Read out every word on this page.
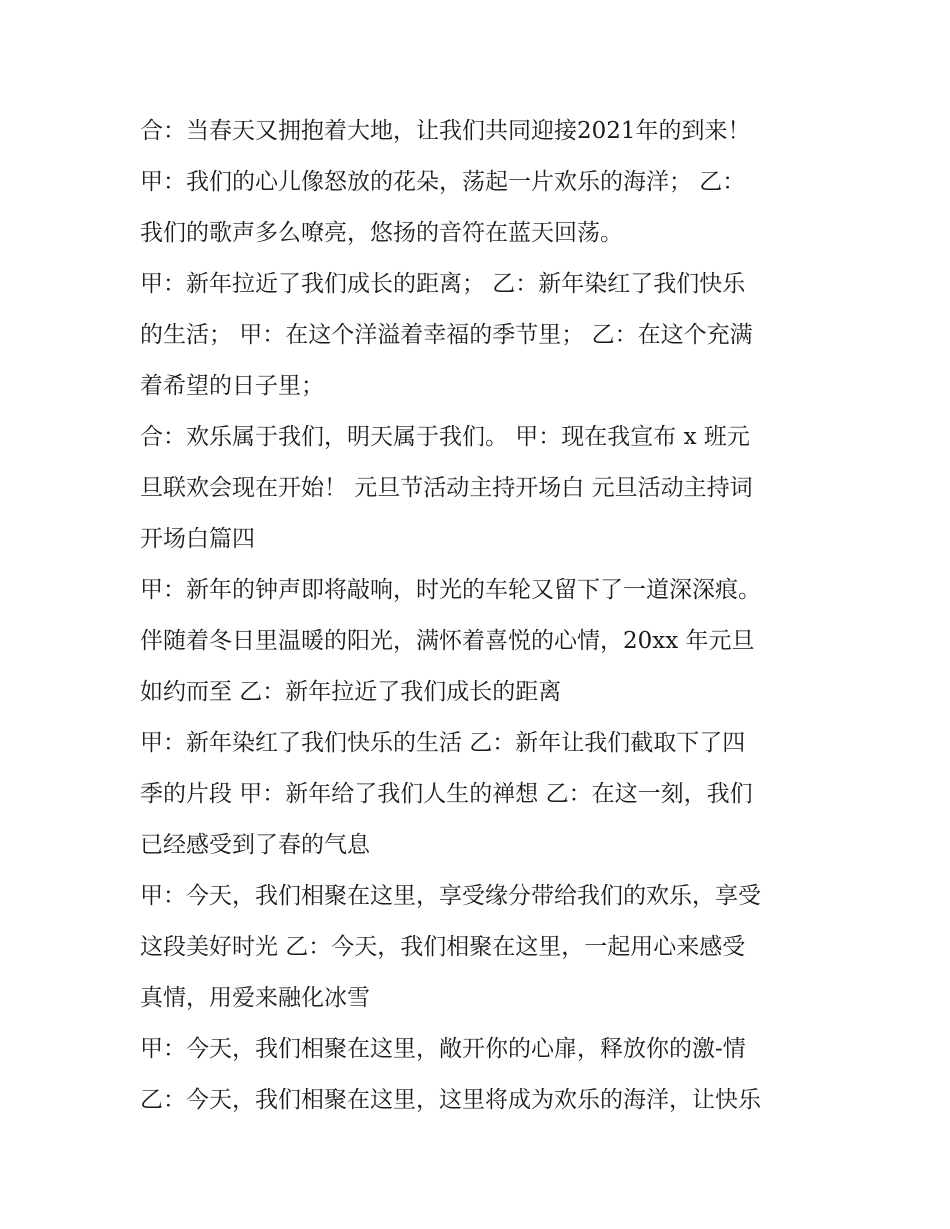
合：当春天又拥抱着大地，让我们共同迎接2021年的到来！
甲：我们的心儿像怒放的花朵，荡起一片欢乐的海洋； 乙：
我们的歌声多么嘹亮，悠扬的音符在蓝天回荡。
甲：新年拉近了我们成长的距离； 乙：新年染红了我们快乐
的生活； 甲：在这个洋溢着幸福的季节里； 乙：在这个充满
着希望的日子里；
合：欢乐属于我们，明天属于我们。 甲：现在我宣布 x 班元
旦联欢会现在开始！ 元旦节活动主持开场白 元旦活动主持词
开场白篇四
甲：新年的钟声即将敲响，时光的车轮又留下了一道深深痕。
伴随着冬日里温暖的阳光，满怀着喜悦的心情，20xx 年元旦
如约而至 乙：新年拉近了我们成长的距离
甲：新年染红了我们快乐的生活 乙：新年让我们截取下了四
季的片段 甲：新年给了我们人生的禅想 乙：在这一刻，我们
已经感受到了春的气息
甲：今天，我们相聚在这里，享受缘分带给我们的欢乐，享受
这段美好时光 乙：今天，我们相聚在这里，一起用心来感受
真情，用爱来融化冰雪
甲：今天，我们相聚在这里，敞开你的心扉，释放你的激-情
乙：今天，我们相聚在这里，这里将成为欢乐的海洋，让快乐
